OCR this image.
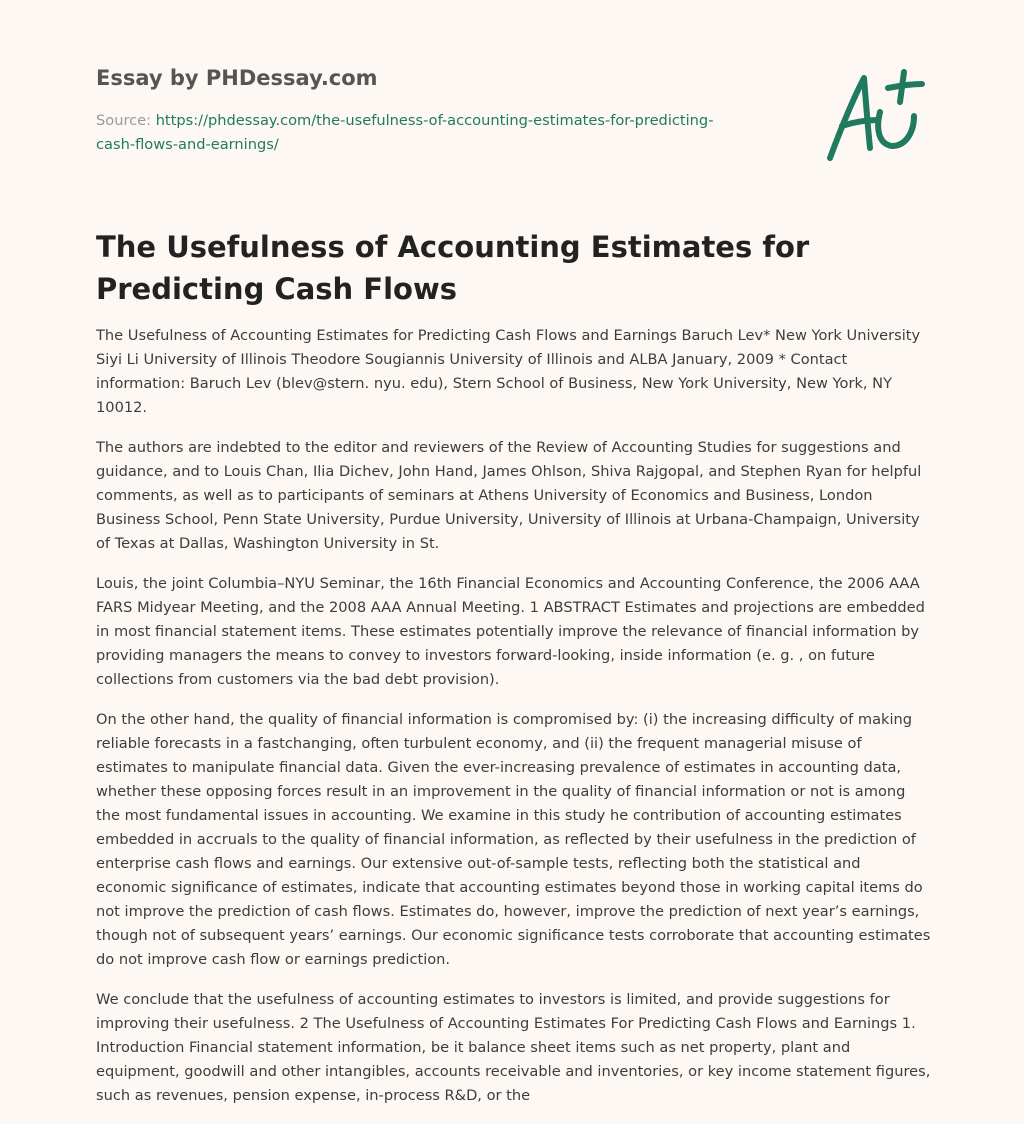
Essay by PHDessay.com
Source: https://phdessay.com/the-usefulness-of-accounting-estimates-for-predicting-
cash-flows-and-earnings/
The Usefulness of Accounting Estimates for Predicting Cash Flows

The Usefulness of Accounting Estimates for Predicting Cash Flows and Earnings Baruch Lev* New York University Siyi Li University of Illinois Theodore Sougiannis University of Illinois and ALBA January, 2009 * Contact information: Baruch Lev (blev@stern. nyu. edu), Stern School of Business, New York University, New York, NY 10012.

The authors are indebted to the editor and reviewers of the Review of Accounting Studies for suggestions and guidance, and to Louis Chan, Ilia Dichev, John Hand, James Ohlson, Shiva Rajgopal, and Stephen Ryan for helpful comments, as well as to participants of seminars at Athens University of Economics and Business, London Business School, Penn State University, Purdue University, University of Illinois at Urbana-Champaign, University of Texas at Dallas, Washington University in St.

Louis, the joint Columbia–NYU Seminar, the 16th Financial Economics and Accounting Conference, the 2006 AAA FARS Midyear Meeting, and the 2008 AAA Annual Meeting. 1 ABSTRACT Estimates and projections are embedded in most financial statement items. These estimates potentially improve the relevance of financial information by providing managers the means to convey to investors forward-looking, inside information (e. g. , on future collections from customers via the bad debt provision).

On the other hand, the quality of financial information is compromised by: (i) the increasing difficulty of making reliable forecasts in a fastchanging, often turbulent economy, and (ii) the frequent managerial misuse of estimates to manipulate financial data. Given the ever-increasing prevalence of estimates in accounting data, whether these opposing forces result in an improvement in the quality of financial information or not is among the most fundamental issues in accounting. We examine in this study he contribution of accounting estimates embedded in accruals to the quality of financial information, as reflected by their usefulness in the prediction of enterprise cash flows and earnings. Our extensive out-of-sample tests, reflecting both the statistical and economic significance of estimates, indicate that accounting estimates beyond those in working capital items do not improve the prediction of cash flows. Estimates do, however, improve the prediction of next year’s earnings, though not of subsequent years’ earnings. Our economic significance tests corroborate that accounting estimates do not improve cash flow or earnings prediction.

We conclude that the usefulness of accounting estimates to investors is limited, and provide suggestions for improving their usefulness. 2 The Usefulness of Accounting Estimates For Predicting Cash Flows and Earnings 1. Introduction Financial statement information, be it balance sheet items such as net property, plant and equipment, goodwill and other intangibles, accounts receivable and inventories, or key income statement figures, such as revenues, pension expense, in-process R&D, or the
